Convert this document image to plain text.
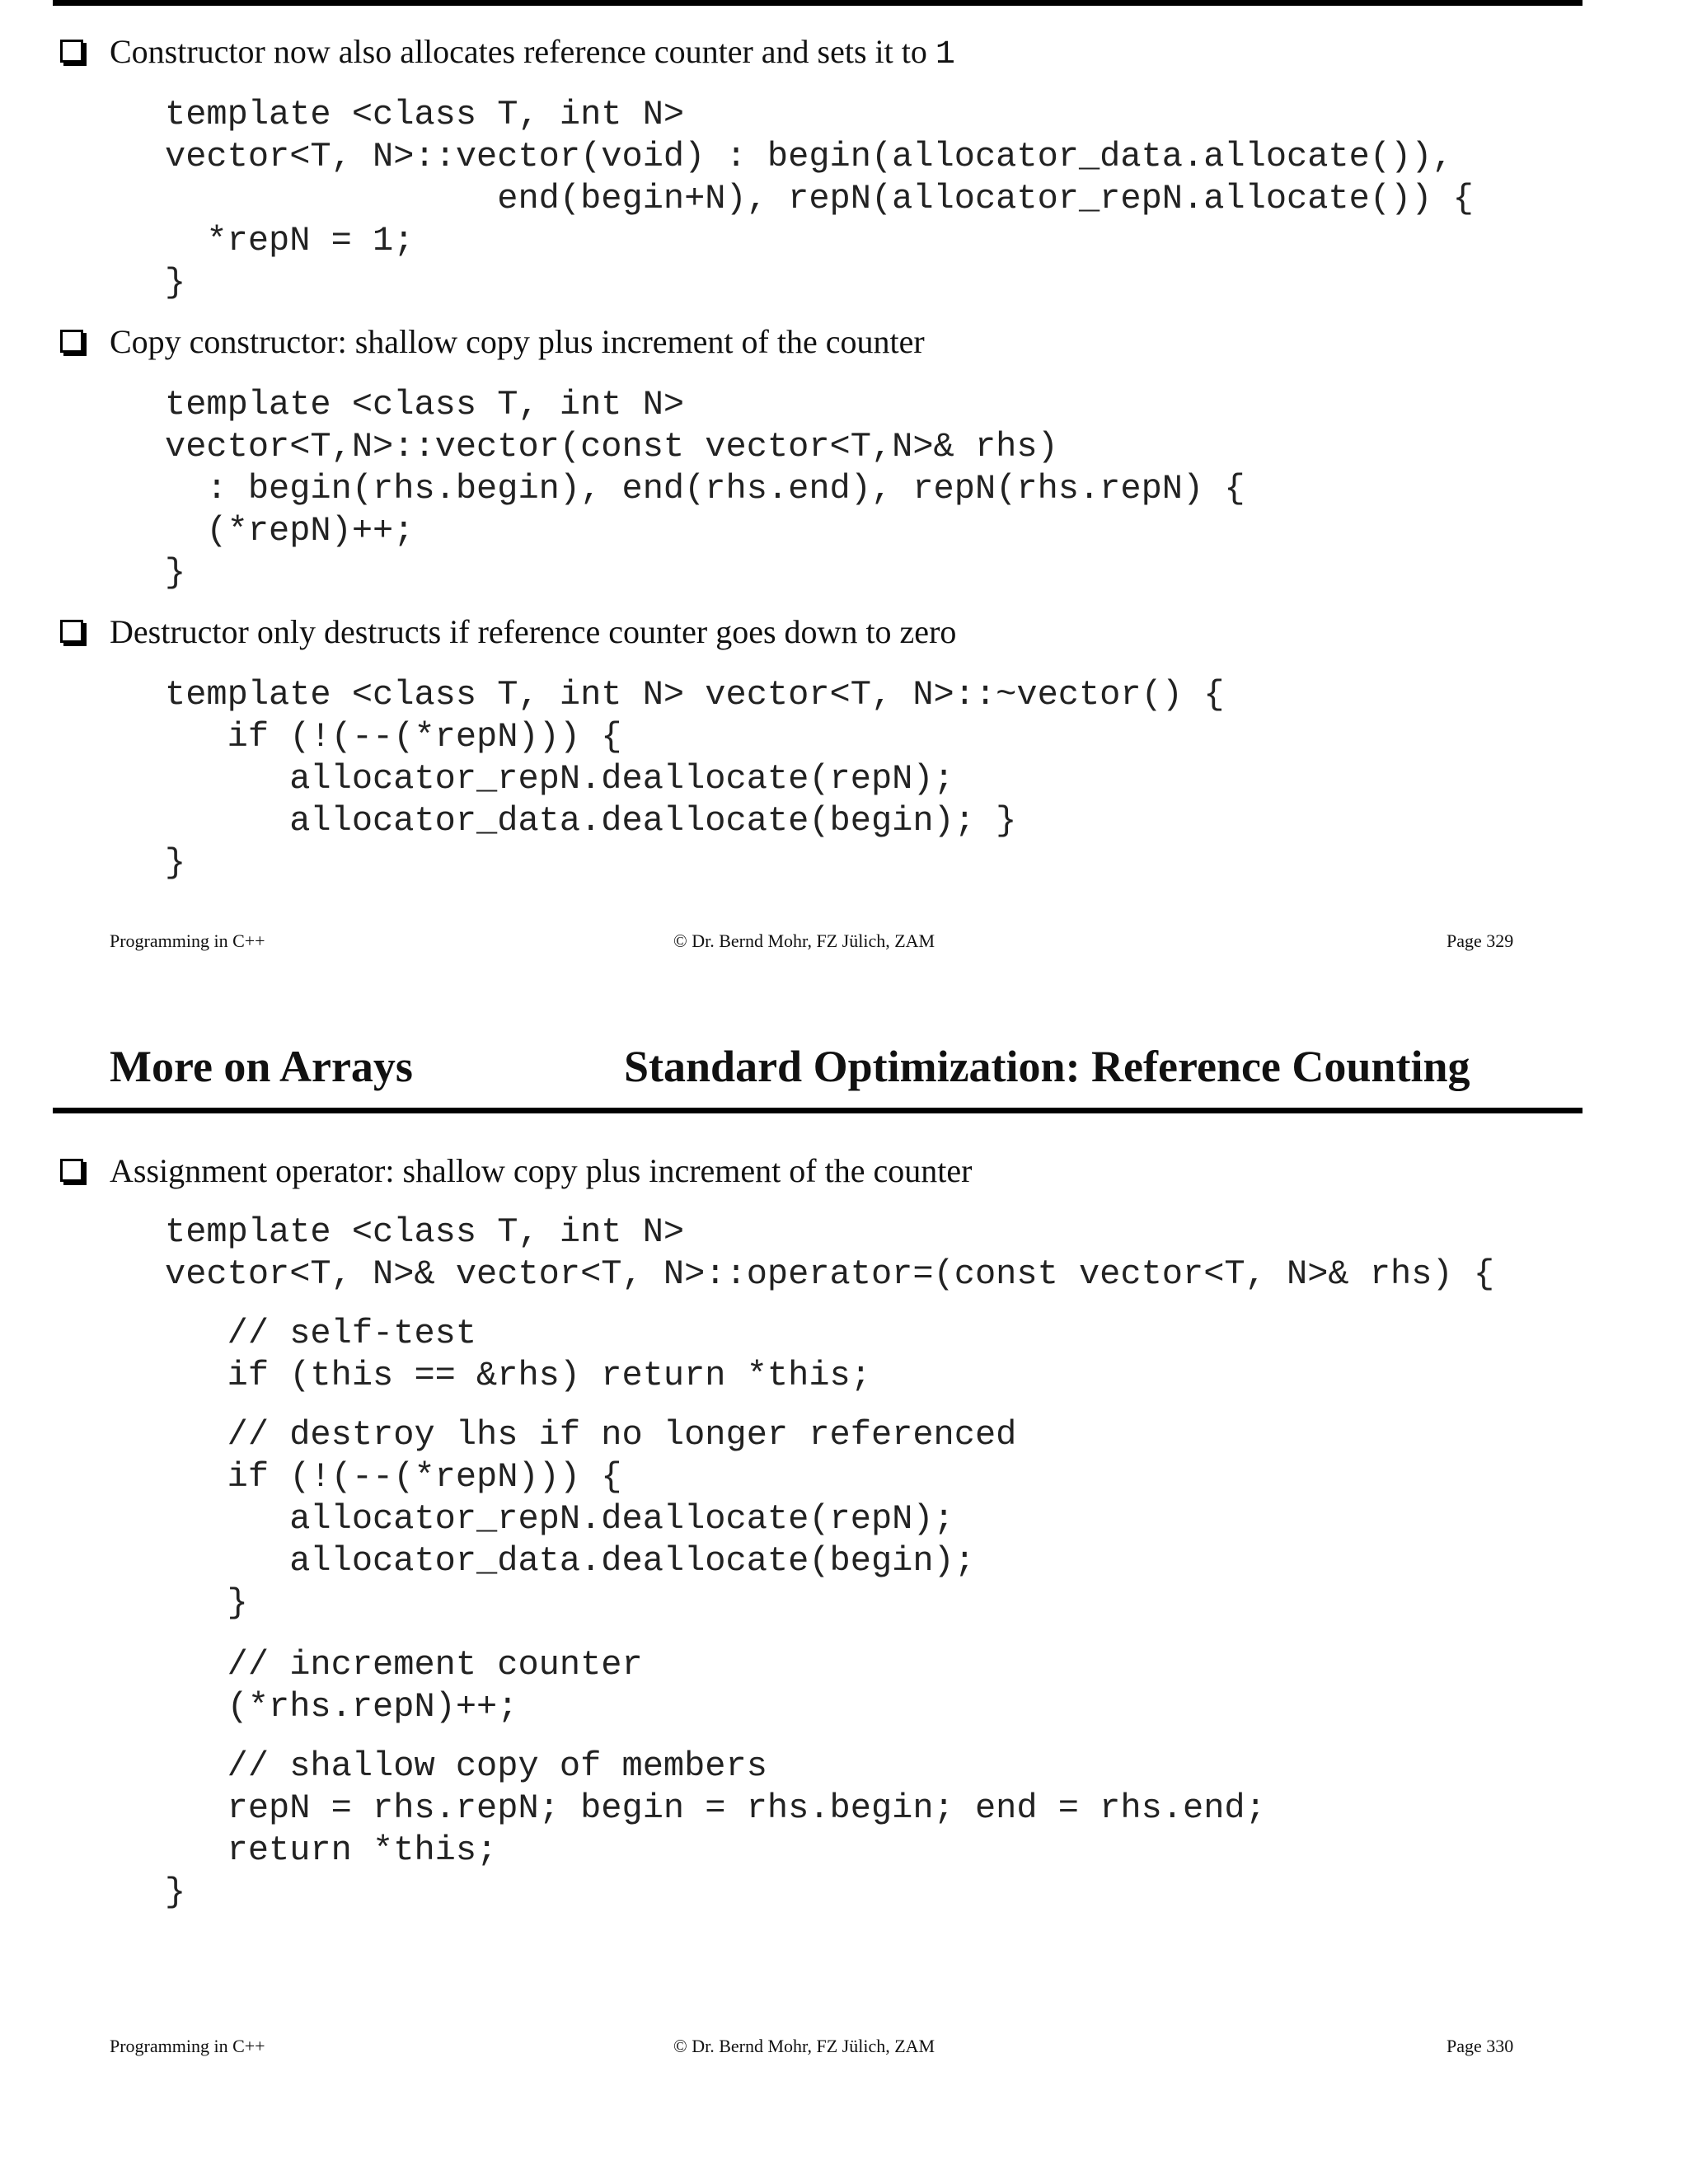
Constructor now also allocates reference counter and sets it to 1
template <class T, int N>
vector<T, N>::vector(void) : begin(allocator_data.allocate()),
end(begin+N), repN(allocator_repN.allocate()) {
*repN = 1;
}
Copy constructor: shallow copy plus increment of the counter
template <class T, int N>
vector<T,N>::vector(const vector<T,N>& rhs)
: begin(rhs.begin), end(rhs.end), repN(rhs.repN) {
(*repN)++;
}
Destructor only destructs if reference counter goes down to zero
template <class T, int N> vector<T, N>::~vector() {
if (!(--(*repN))) {
allocator_repN.deallocate(repN);
allocator_data.deallocate(begin); }
}
Programming in C++	© Dr. Bernd Mohr, FZ Jülich, ZAM	Page 329
More on Arrays	Standard Optimization: Reference Counting
Assignment operator: shallow copy plus increment of the counter
template <class T, int N>
vector<T, N>& vector<T, N>::operator=(const vector<T, N>& rhs) {
// self-test
if (this == &rhs) return *this;
// destroy lhs if no longer referenced
if (!(--(*repN))) {
allocator_repN.deallocate(repN);
allocator_data.deallocate(begin);
}
// increment counter
(*rhs.repN)++;
// shallow copy of members
repN = rhs.repN; begin = rhs.begin; end = rhs.end;
return *this;
}
Programming in C++	© Dr. Bernd Mohr, FZ Jülich, ZAM	Page 330
